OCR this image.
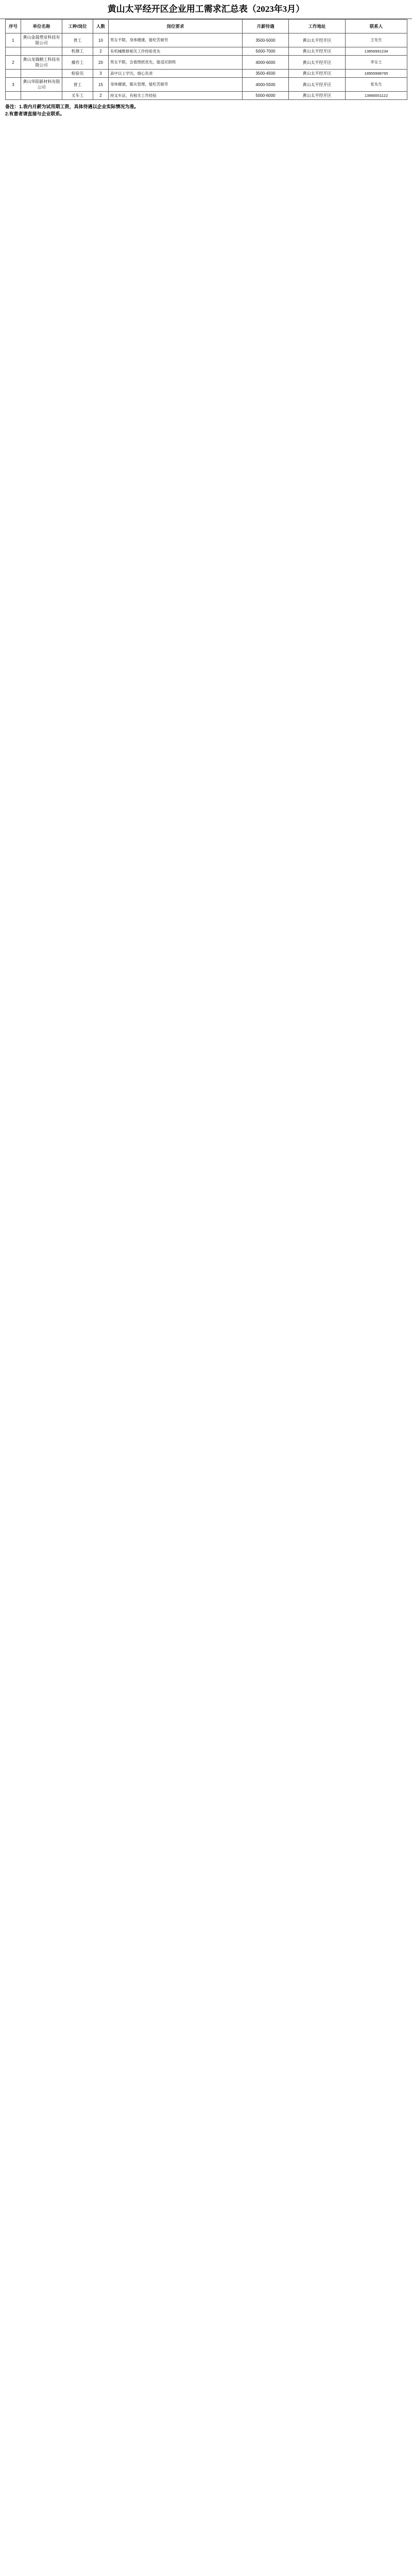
黄山太平经开区企业用工需求汇总表（2023年3月）
序号	单位名称	工种/岗位	人数	岗位要求	月薪待遇	工作地址	联系人
1	黄山金晨塑业科技有限公司	普工	10	男女不限，身体健康，能吃苦耐劳	3500-5000	黄山太平经开区	王先生
		机修工	2	有机械维修相关工作经验优先	5000-7000	黄山太平经开区	13856991234
2	黄山龙瑞精工科技有限公司	操作工	20	男女不限，会看图纸优先，能适应倒班	4000-6000	黄山太平经开区	李女士
		检验员	3	高中以上学历，细心负责	3500-4500	黄山太平经开区	18955998765
3	黄山华阳新材料有限公司	普工	15	身体健康，服从管理，能吃苦耐劳	4000-5500	黄山太平经开区	张先生
		叉车工	2	持叉车证，有相关工作经验	5000-6000	黄山太平经开区	13966551122
备注：1.表内月薪为试用期工资，具体待遇以企业实际情况为准。
2.有意者请直接与企业联系。
